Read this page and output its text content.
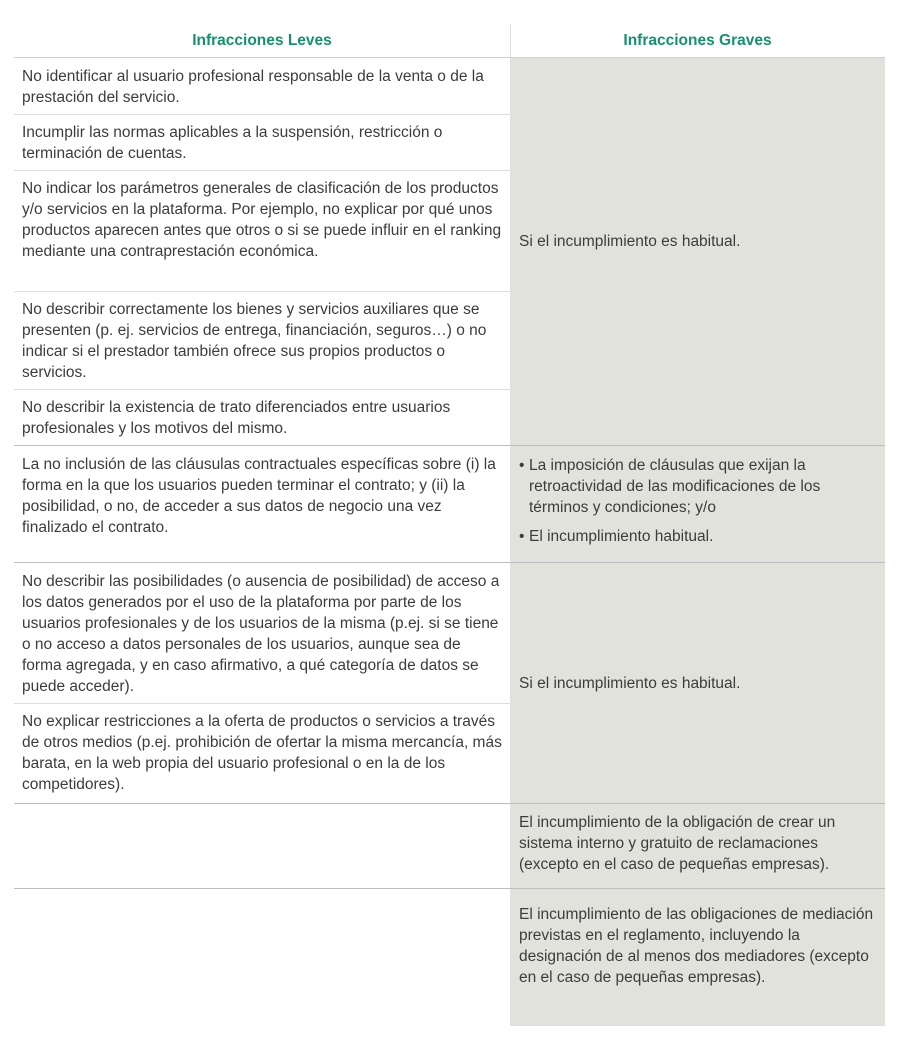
Infracciones Leves	Infracciones Graves
No identificar al usuario profesional responsable de la venta o de la prestación del servicio.
Incumplir las normas aplicables a la suspensión, restricción o terminación de cuentas.
No indicar los parámetros generales de clasificación de los productos y/o servicios en la plataforma. Por ejemplo, no explicar por qué unos productos aparecen antes que otros o si se puede influir en el ranking mediante una contraprestación económica.
No describir correctamente los bienes y servicios auxiliares que se presenten (p. ej. servicios de entrega, financiación, seguros…) o no indicar si el prestador también ofrece sus propios productos o servicios.
No describir la existencia de trato diferenciados entre usuarios profesionales y los motivos del mismo.
Si el incumplimiento es habitual.
La no inclusión de las cláusulas contractuales específicas sobre (i) la forma en la que los usuarios pueden terminar el contrato; y (ii) la posibilidad, o no, de acceder a sus datos de negocio una vez finalizado el contrato.

• La imposición de cláusulas que exijan la retroactividad de las modificaciones de los términos y condiciones; y/o

• El incumplimiento habitual.

No describir las posibilidades (o ausencia de posibilidad) de acceso a los datos generados por el uso de la plataforma por parte de los usuarios profesionales y de los usuarios de la misma (p.ej. si se tiene o no acceso a datos personales de los usuarios, aunque sea de forma agregada, y en caso afirmativo, a qué categoría de datos se puede acceder).
No explicar restricciones a la oferta de productos o servicios a través de otros medios (p.ej. prohibición de ofertar la misma mercancía, más barata, en la web propia del usuario profesional o en la de los competidores).
Si el incumplimiento es habitual.
El incumplimiento de la obligación de crear un sistema interno y gratuito de reclamaciones (excepto en el caso de pequeñas empresas).
El incumplimiento de las obligaciones de mediación previstas en el reglamento, incluyendo la designación de al menos dos mediadores (excepto en el caso de pequeñas empresas).
